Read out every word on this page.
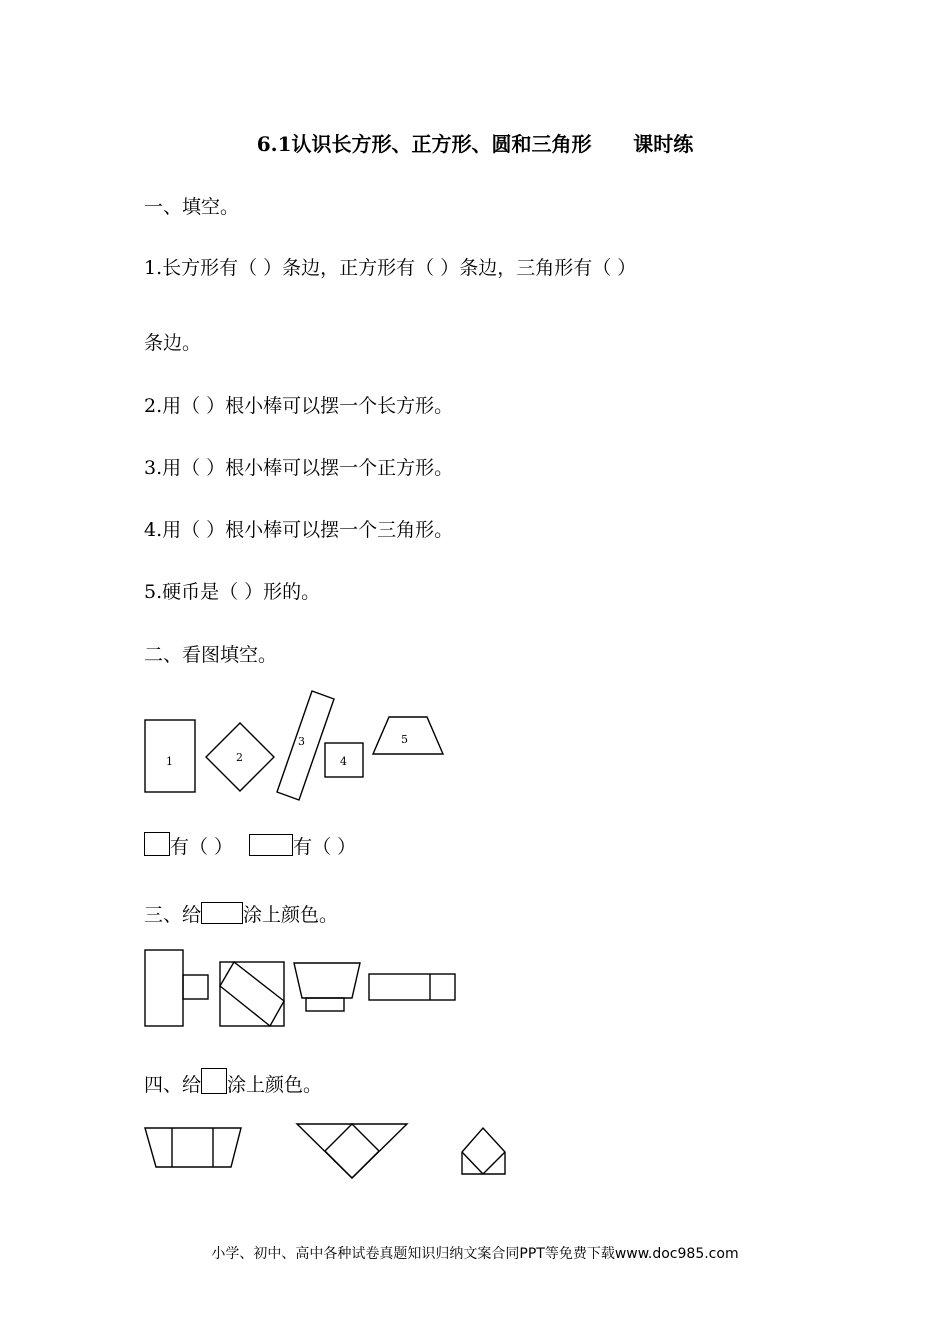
6.1认识长方形、正方形、圆和三角形      课时练
一、填空。
1.长方形有（ ）条边，正方形有（ ）条边，三角形有（ ）
条边。
2.用（ ）根小棒可以摆一个长方形。
3.用（ ）根小棒可以摆一个正方形。
4.用（ ）根小棒可以摆一个三角形。
5.硬币是（ ）形的。
二、看图填空。
1	2
3
4
5
有（ ）	有（ ）
三、给 涂上颜色。
四、给 涂上颜色。
小学、初中、高中各种试卷真题知识归纳文案合同PPT等免费下载www.doc985.com
